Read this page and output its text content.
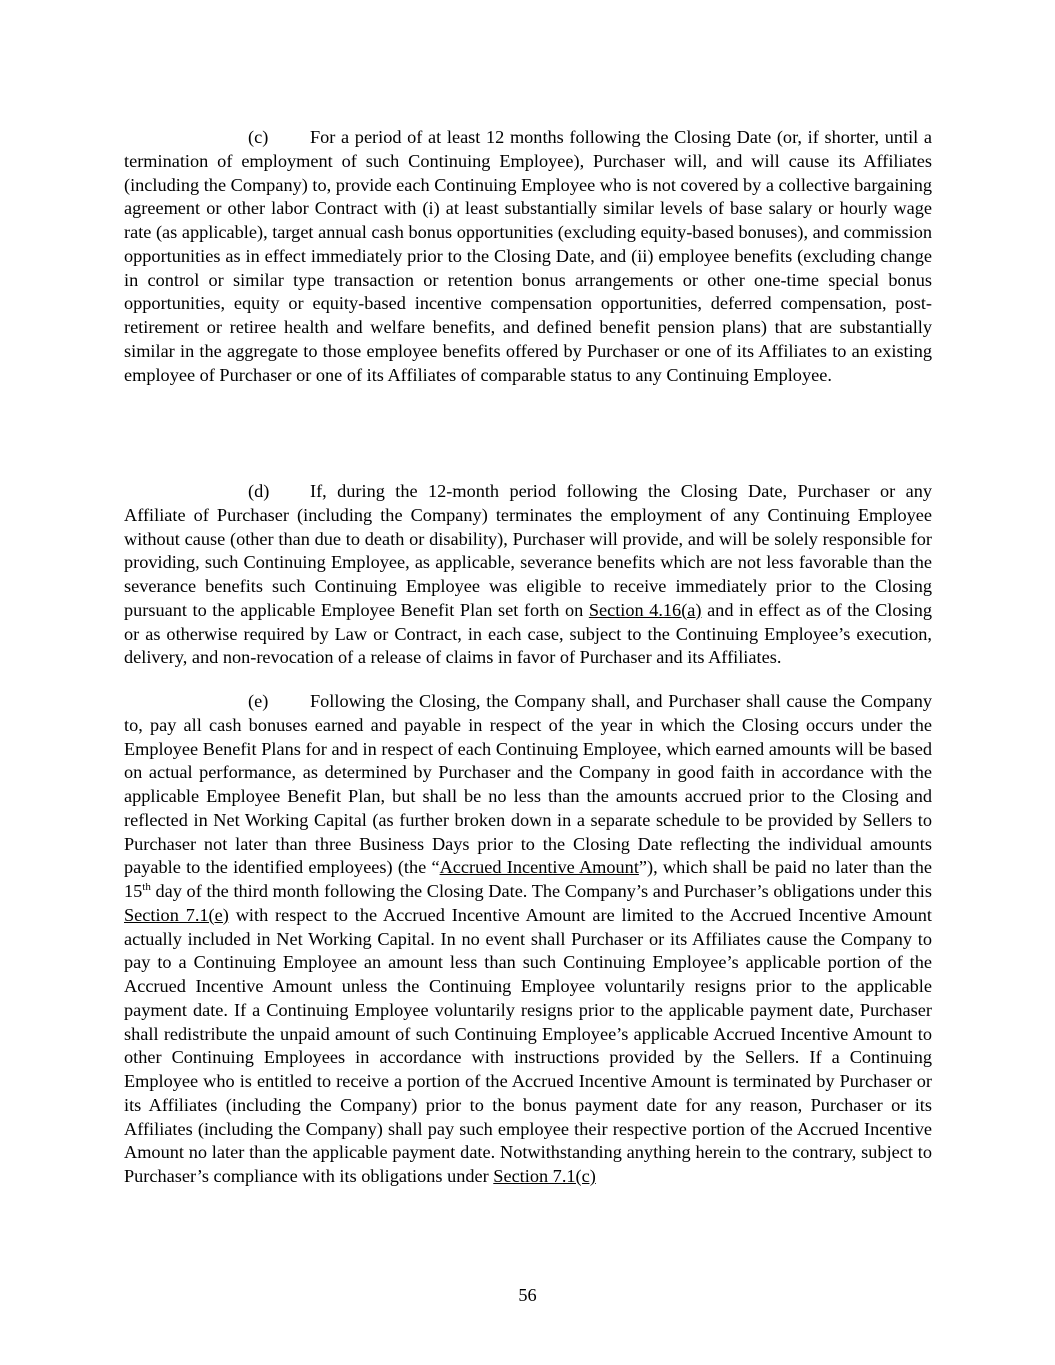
(c) For a period of at least 12 months following the Closing Date (or, if shorter, until a termination of employment of such Continuing Employee), Purchaser will, and will cause its Affiliates (including the Company) to, provide each Continuing Employee who is not covered by a collective bargaining agreement or other labor Contract with (i) at least substantially similar levels of base salary or hourly wage rate (as applicable), target annual cash bonus opportunities (excluding equity-based bonuses), and commission opportunities as in effect immediately prior to the Closing Date, and (ii) employee benefits (excluding change in control or similar type transaction or retention bonus arrangements or other one-time special bonus opportunities, equity or equity-based incentive compensation opportunities, deferred compensation, post-retirement or retiree health and welfare benefits, and defined benefit pension plans) that are substantially similar in the aggregate to those employee benefits offered by Purchaser or one of its Affiliates to an existing employee of Purchaser or one of its Affiliates of comparable status to any Continuing Employee.

(d) If, during the 12-month period following the Closing Date, Purchaser or any Affiliate of Purchaser (including the Company) terminates the employment of any Continuing Employee without cause (other than due to death or disability), Purchaser will provide, and will be solely responsible for providing, such Continuing Employee, as applicable, severance benefits which are not less favorable than the severance benefits such Continuing Employee was eligible to receive immediately prior to the Closing pursuant to the applicable Employee Benefit Plan set forth on Section 4.16(a) and in effect as of the Closing or as otherwise required by Law or Contract, in each case, subject to the Continuing Employee’s execution, delivery, and non-revocation of a release of claims in favor of Purchaser and its Affiliates.

(e) Following the Closing, the Company shall, and Purchaser shall cause the Company to, pay all cash bonuses earned and payable in respect of the year in which the Closing occurs under the Employee Benefit Plans for and in respect of each Continuing Employee, which earned amounts will be based on actual performance, as determined by Purchaser and the Company in good faith in accordance with the applicable Employee Benefit Plan, but shall be no less than the amounts accrued prior to the Closing and reflected in Net Working Capital (as further broken down in a separate schedule to be provided by Sellers to Purchaser not later than three Business Days prior to the Closing Date reflecting the individual amounts payable to the identified employees) (the “Accrued Incentive Amount”), which shall be paid no later than the 15th day of the third month following the Closing Date. The Company’s and Purchaser’s obligations under this Section 7.1(e) with respect to the Accrued Incentive Amount are limited to the Accrued Incentive Amount actually included in Net Working Capital. In no event shall Purchaser or its Affiliates cause the Company to pay to a Continuing Employee an amount less than such Continuing Employee’s applicable portion of the Accrued Incentive Amount unless the Continuing Employee voluntarily resigns prior to the applicable payment date. If a Continuing Employee voluntarily resigns prior to the applicable payment date, Purchaser shall redistribute the unpaid amount of such Continuing Employee’s applicable Accrued Incentive Amount to other Continuing Employees in accordance with instructions provided by the Sellers. If a Continuing Employee who is entitled to receive a portion of the Accrued Incentive Amount is terminated by Purchaser or its Affiliates (including the Company) prior to the bonus payment date for any reason, Purchaser or its Affiliates (including the Company) shall pay such employee their respective portion of the Accrued Incentive Amount no later than the applicable payment date. Notwithstanding anything herein to the contrary, subject to Purchaser’s compliance with its obligations under Section 7.1(c)

56
